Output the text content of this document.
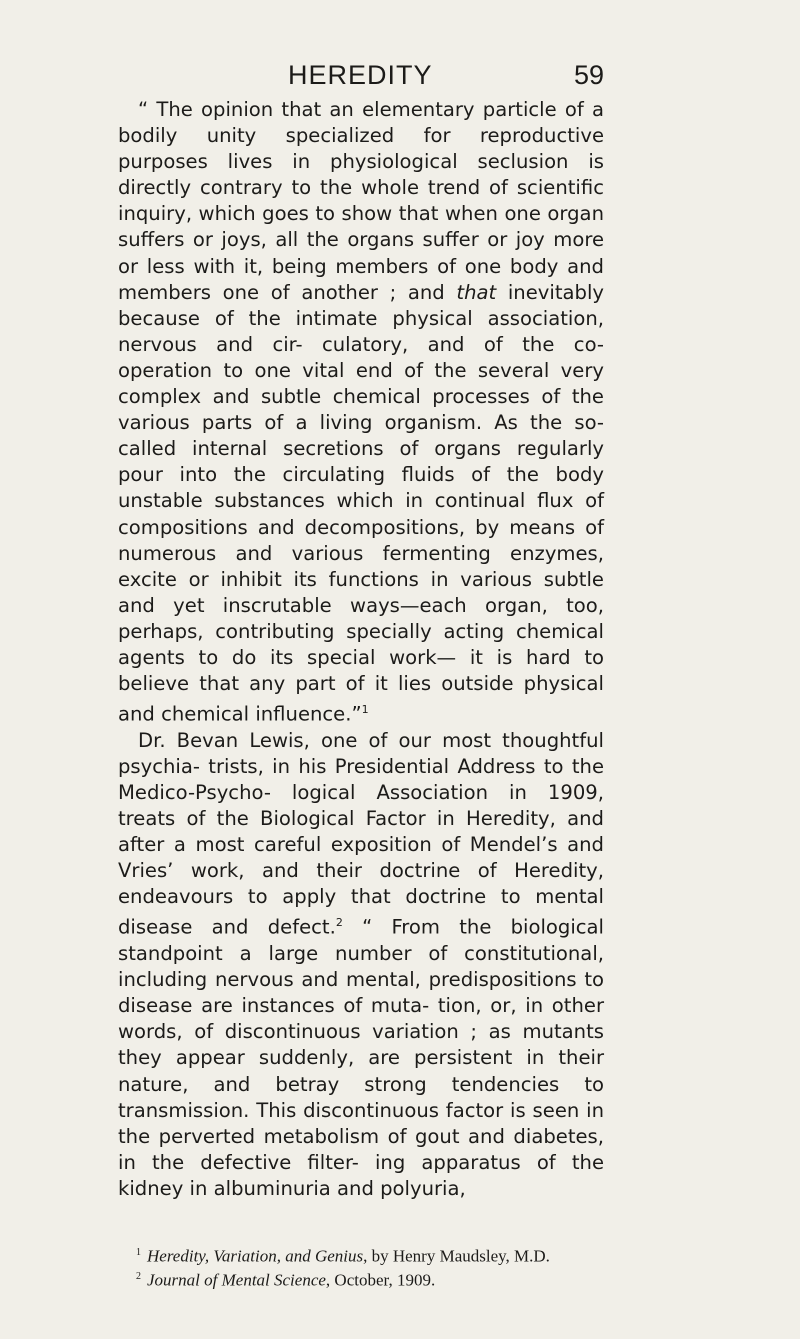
HEREDITY	59

“ The opinion that an elementary particle of a bodily unity specialized for reproductive purposes lives in physiological seclusion is directly contrary to the whole trend of scientific inquiry, which goes to show that when one organ suffers or joys, all the organs suffer or joy more or less with it, being members of one body and members one of another ; and that inevitably because of the intimate physical association, nervous and cir- culatory, and of the co-operation to one vital end of the several very complex and subtle chemical processes of the various parts of a living organism. As the so-called internal secretions of organs regularly pour into the circulating fluids of the body unstable substances which in continual flux of compositions and decompositions, by means of numerous and various fermenting enzymes, excite or inhibit its functions in various subtle and yet inscrutable ways—each organ, too, perhaps, contributing specially acting chemical agents to do its special work— it is hard to believe that any part of it lies outside physical and chemical influence.”$^1$

Dr. Bevan Lewis, one of our most thoughtful psychia- trists, in his Presidential Address to the Medico-Psycho- logical Association in 1909, treats of the Biological Factor in Heredity, and after a most careful exposition of Mendel’s and Vries’ work, and their doctrine of Heredity, endeavours to apply that doctrine to mental disease and defect.$^2$ “ From the biological standpoint a large number of constitutional, including nervous and mental, predispositions to disease are instances of muta- tion, or, in other words, of discontinuous variation ; as mutants they appear suddenly, are persistent in their nature, and betray strong tendencies to transmission. This discontinuous factor is seen in the perverted metabolism of gout and diabetes, in the defective filter- ing apparatus of the kidney in albuminuria and polyuria,

$^1$ Heredity, Variation, and Genius, by Henry Maudsley, M.D.

$^2$ Journal of Mental Science, October, 1909.
